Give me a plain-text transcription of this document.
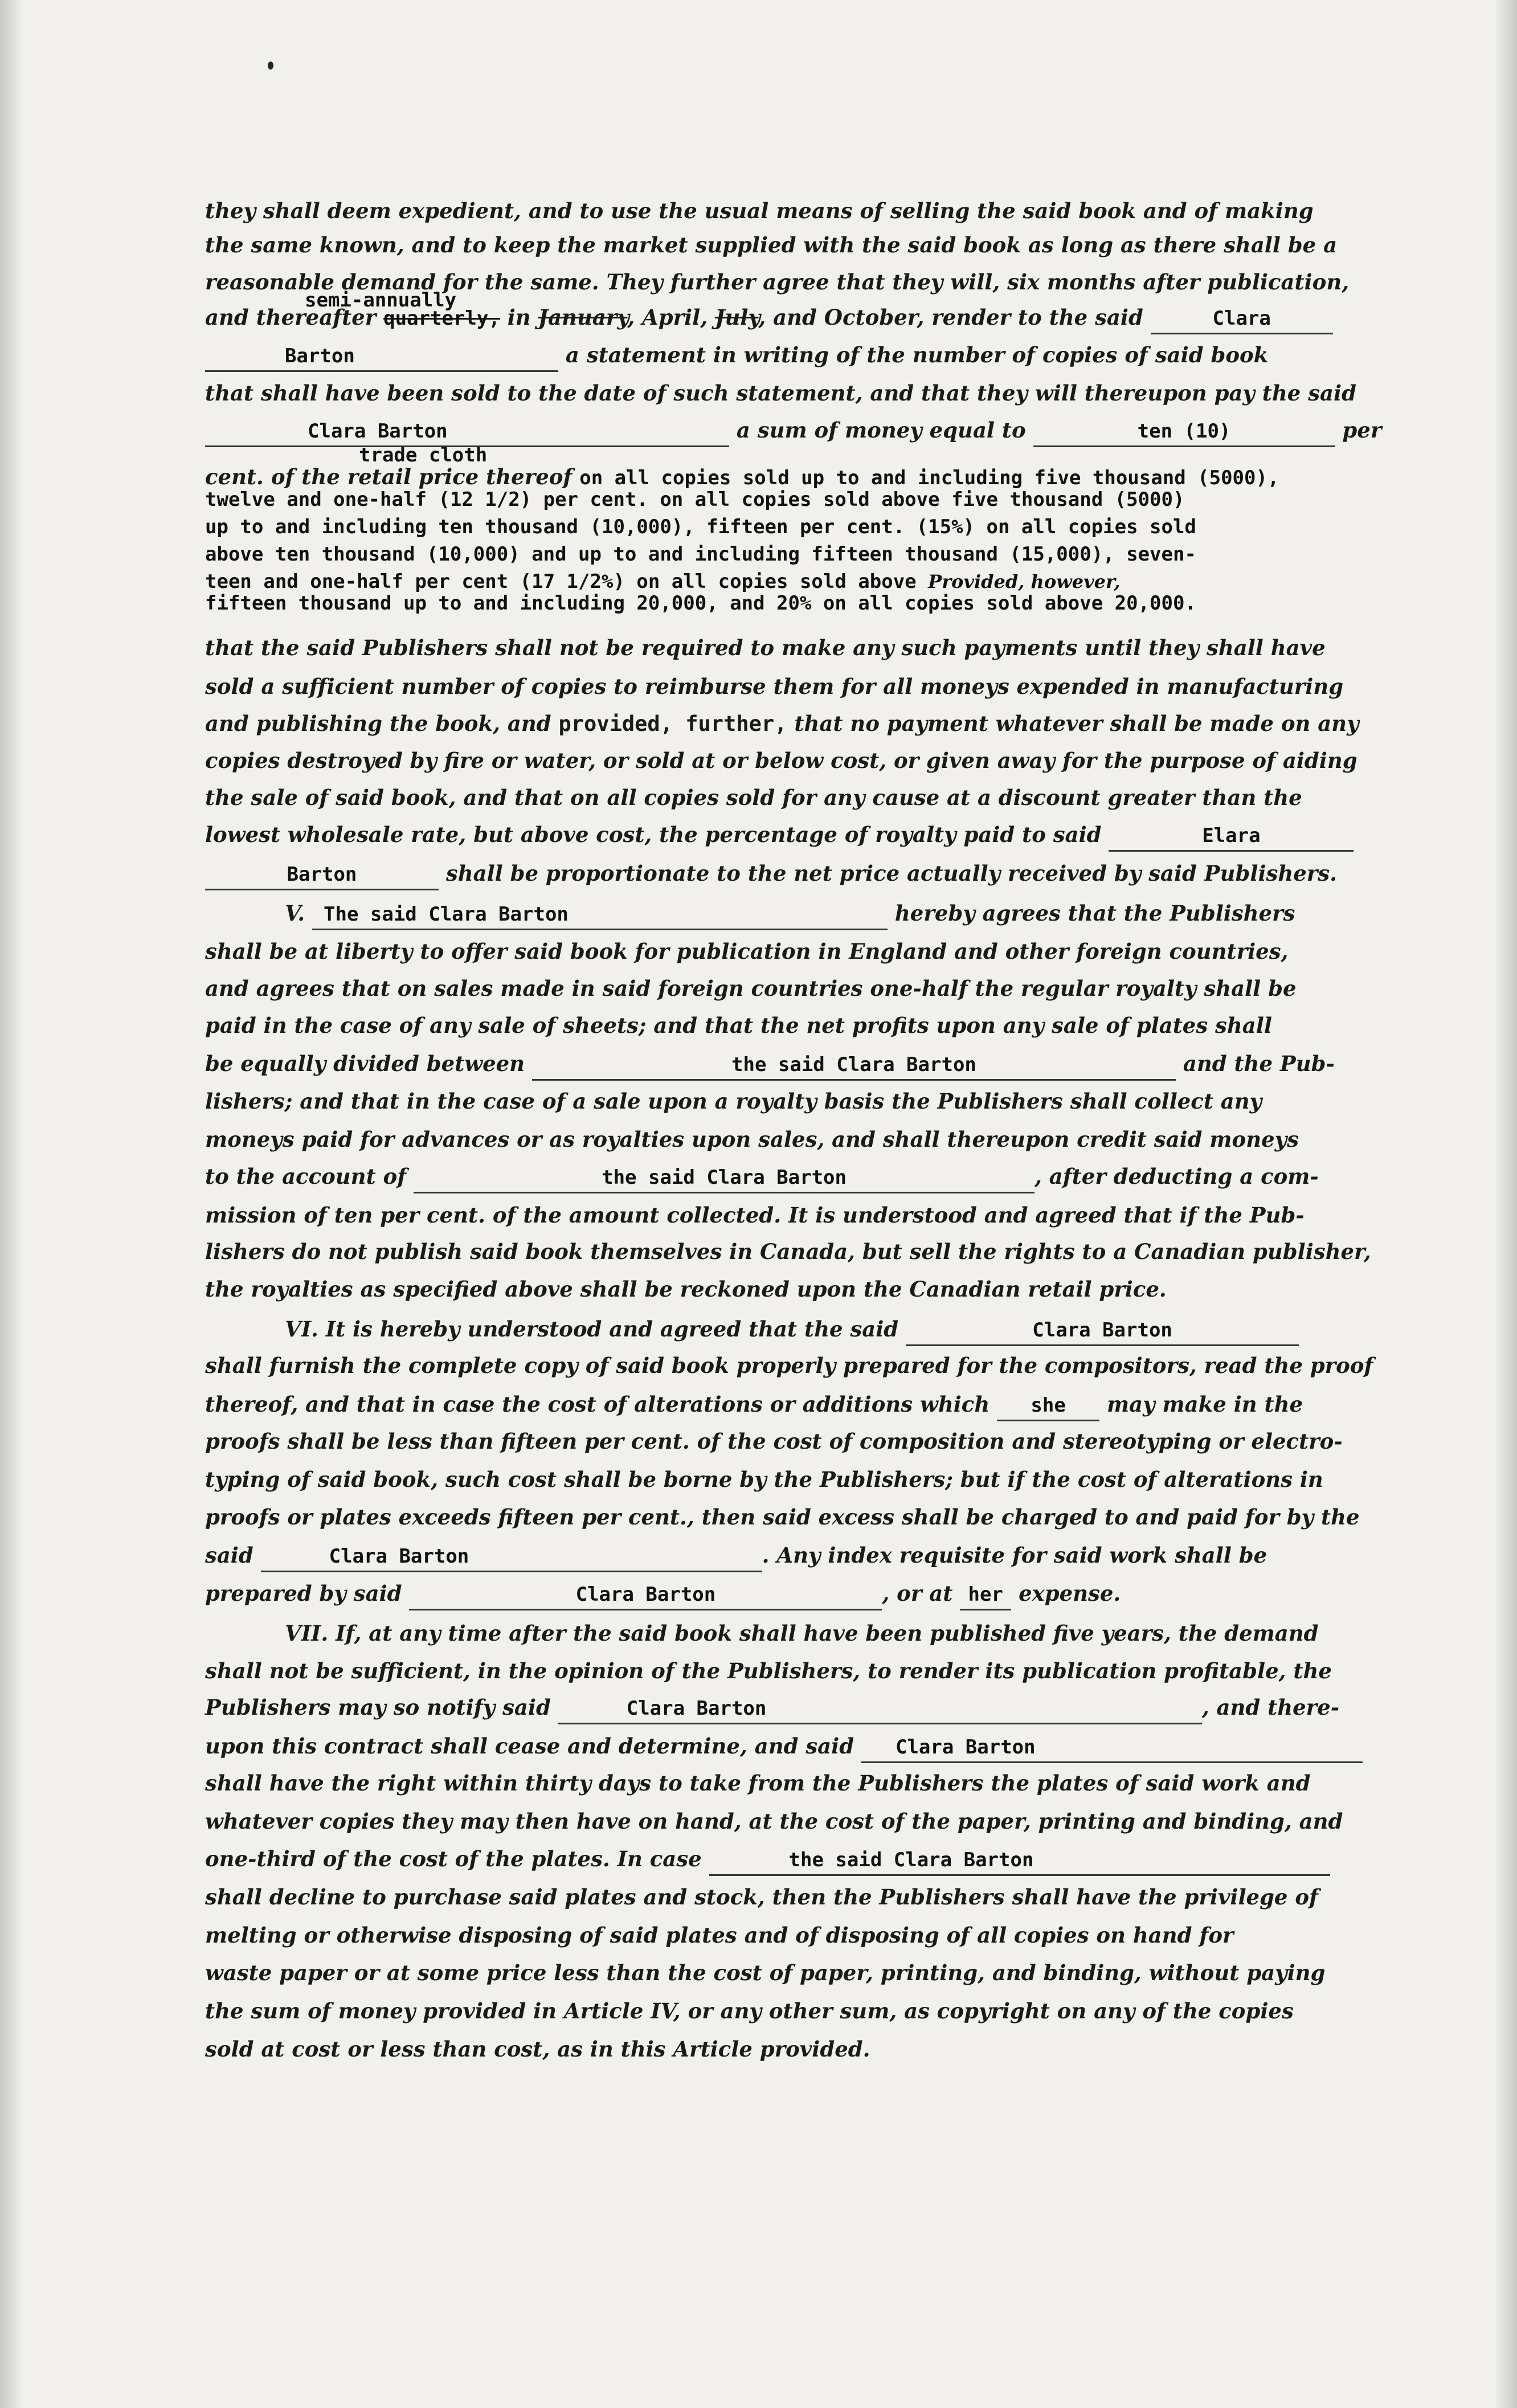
they shall deem expedient, and to use the usual means of selling the said book and of making
the same known, and to keep the market supplied with the said book as long as there shall be a
reasonable demand for the same. They further agree that they will, six months after publication,
semi-annually
and thereafter quarterly, in January, April, July, and October, render to the said	Clara
Barton	a statement in writing of the number of copies of said book
that shall have been sold to the date of such statement, and that they will thereupon pay the said
Clara Barton	a sum of money equal to	ten (10)	per
trade cloth
cent. of the retail price thereof on all copies sold up to and including five thousand (5000),
twelve and one-half (12 1/2) per cent. on all copies sold above five thousand (5000)
up to and including ten thousand (10,000), fifteen per cent. (15%) on all copies sold
above ten thousand (10,000) and up to and including fifteen thousand (15,000), seven-
teen and one-half per cent (17 1/2%) on all copies sold above Provided, however,
fifteen thousand up to and including 20,000, and 20% on all copies sold above 20,000.
that the said Publishers shall not be required to make any such payments until they shall have
sold a sufficient number of copies to reimburse them for all moneys expended in manufacturing
and publishing the book, and provided, further, that no payment whatever shall be made on any
copies destroyed by fire or water, or sold at or below cost, or given away for the purpose of aiding
the sale of said book, and that on all copies sold for any cause at a discount greater than the
lowest wholesale rate, but above cost, the percentage of royalty paid to said	Elara
Barton	shall be proportionate to the net price actually received by said Publishers.
V. The said Clara Barton	hereby agrees that the Publishers
shall be at liberty to offer said book for publication in England and other foreign countries,
and agrees that on sales made in said foreign countries one-half the regular royalty shall be
paid in the case of any sale of sheets; and that the net profits upon any sale of plates shall
be equally divided between	the said Clara Barton	and the Pub-
lishers; and that in the case of a sale upon a royalty basis the Publishers shall collect any
moneys paid for advances or as royalties upon sales, and shall thereupon credit said moneys
to the account of	the said Clara Barton	, after deducting a com-
mission of ten per cent. of the amount collected. It is understood and agreed that if the Pub-
lishers do not publish said book themselves in Canada, but sell the rights to a Canadian publisher,
the royalties as specified above shall be reckoned upon the Canadian retail price.
VI. It is hereby understood and agreed that the said	Clara Barton
shall furnish the complete copy of said book properly prepared for the compositors, read the proof
thereof, and that in case the cost of alterations or additions which she may make in the
proofs shall be less than fifteen per cent. of the cost of composition and stereotyping or electro-
typing of said book, such cost shall be borne by the Publishers; but if the cost of alterations in
proofs or plates exceeds fifteen per cent., then said excess shall be charged to and paid for by the
said	Clara Barton	. Any index requisite for said work shall be
prepared by said	Clara Barton	, or at her expense.
VII. If, at any time after the said book shall have been published five years, the demand
shall not be sufficient, in the opinion of the Publishers, to render its publication profitable, the
Publishers may so notify said	Clara Barton	, and there-
upon this contract shall cease and determine, and said Clara Barton
shall have the right within thirty days to take from the Publishers the plates of said work and
whatever copies they may then have on hand, at the cost of the paper, printing and binding, and
one-third of the cost of the plates. In case	the said Clara Barton
shall decline to purchase said plates and stock, then the Publishers shall have the privilege of
melting or otherwise disposing of said plates and of disposing of all copies on hand for
waste paper or at some price less than the cost of paper, printing, and binding, without paying
the sum of money provided in Article IV, or any other sum, as copyright on any of the copies
sold at cost or less than cost, as in this Article provided.
